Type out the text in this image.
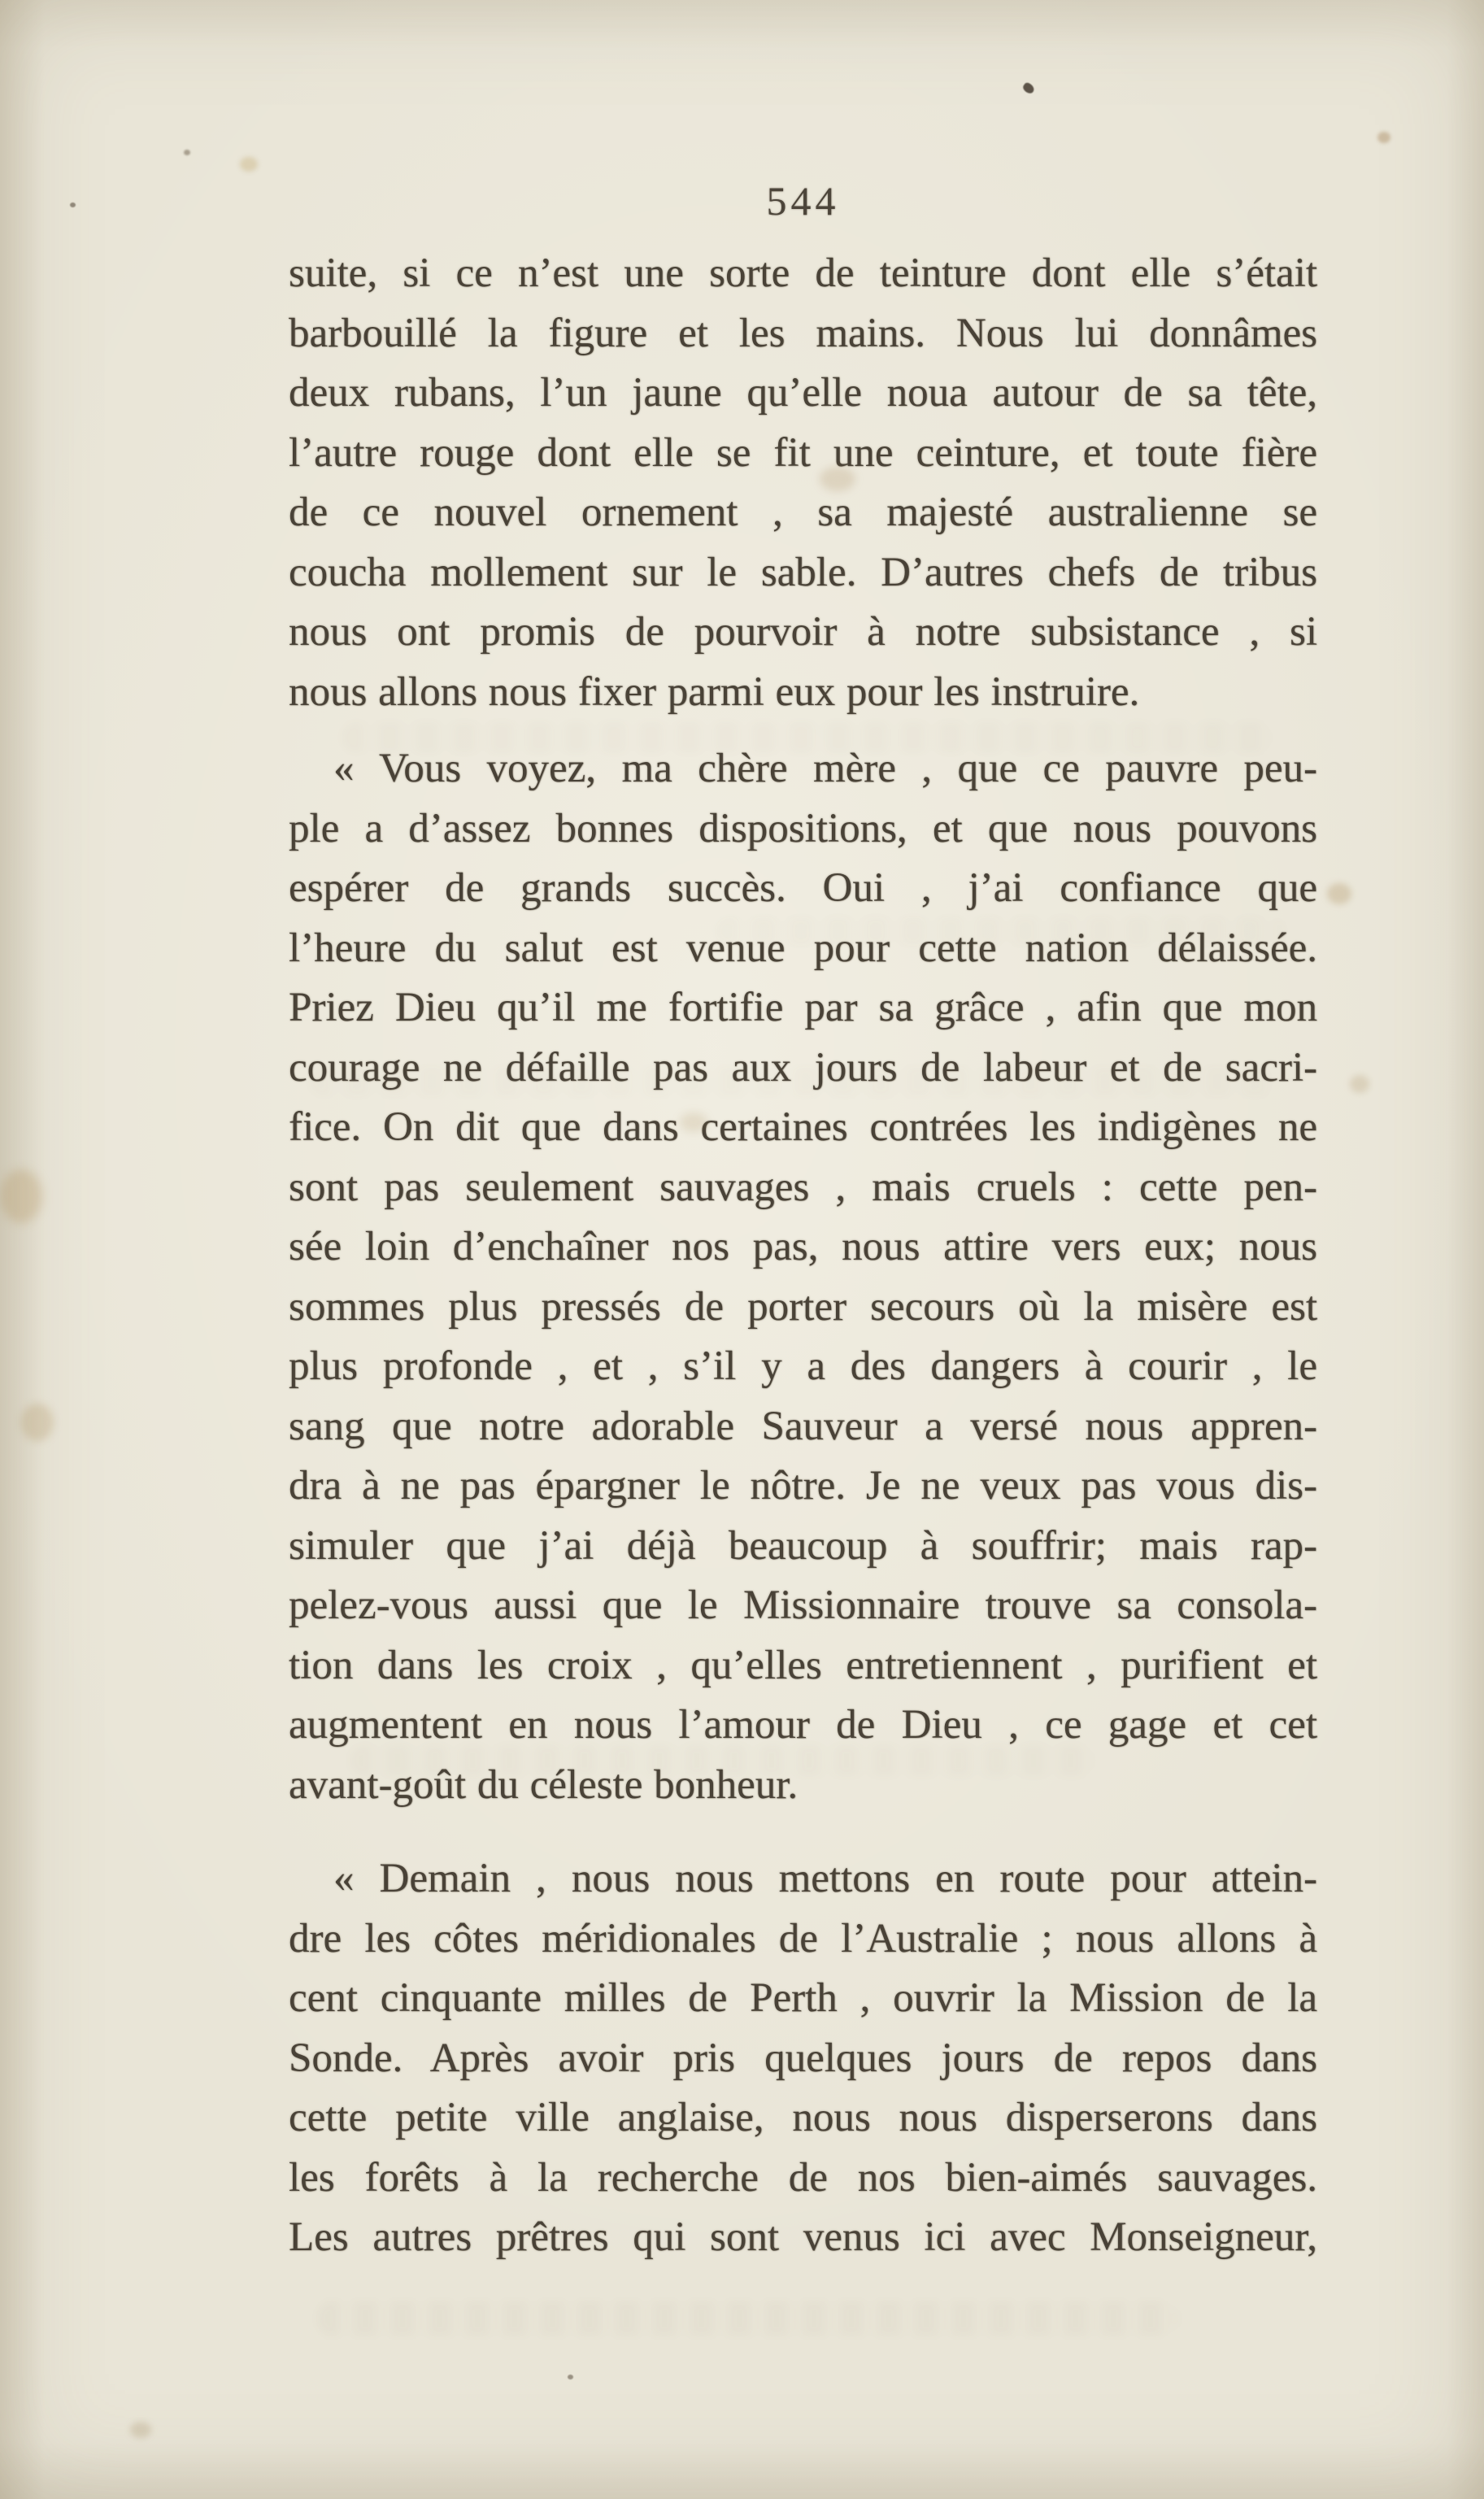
544
suite, si ce n’est une sorte de teinture dont elle s’était
barbouillé la figure et les mains. Nous lui donnâmes
deux rubans, l’un jaune qu’elle noua autour de sa tête,
l’autre rouge dont elle se fit une ceinture, et toute fière
de ce nouvel ornement , sa majesté australienne se
coucha mollement sur le sable. D’autres chefs de tribus
nous ont promis de pourvoir à notre subsistance , si
nous allons nous fixer parmi eux pour les instruire.
« Vous voyez, ma chère mère , que ce pauvre peu-
ple a d’assez bonnes dispositions, et que nous pouvons
espérer de grands succès. Oui , j’ai confiance que
l’heure du salut est venue pour cette nation délaissée.
Priez Dieu qu’il me fortifie par sa grâce , afin que mon
courage ne défaille pas aux jours de labeur et de sacri-
fice. On dit que dans certaines contrées les indigènes ne
sont pas seulement sauvages , mais cruels : cette pen-
sée loin d’enchaîner nos pas, nous attire vers eux; nous
sommes plus pressés de porter secours où la misère est
plus profonde , et , s’il y a des dangers à courir , le
sang que notre adorable Sauveur a versé nous appren-
dra à ne pas épargner le nôtre. Je ne veux pas vous dis-
simuler que j’ai déjà beaucoup à souffrir; mais rap-
pelez-vous aussi que le Missionnaire trouve sa consola-
tion dans les croix , qu’elles entretiennent , purifient et
augmentent en nous l’amour de Dieu , ce gage et cet
avant-goût du céleste bonheur.
« Demain , nous nous mettons en route pour attein-
dre les côtes méridionales de l’Australie ; nous allons à
cent cinquante milles de Perth , ouvrir la Mission de la
Sonde. Après avoir pris quelques jours de repos dans
cette petite ville anglaise, nous nous disperserons dans
les forêts à la recherche de nos bien-aimés sauvages.
Les autres prêtres qui sont venus ici avec Monseigneur,
